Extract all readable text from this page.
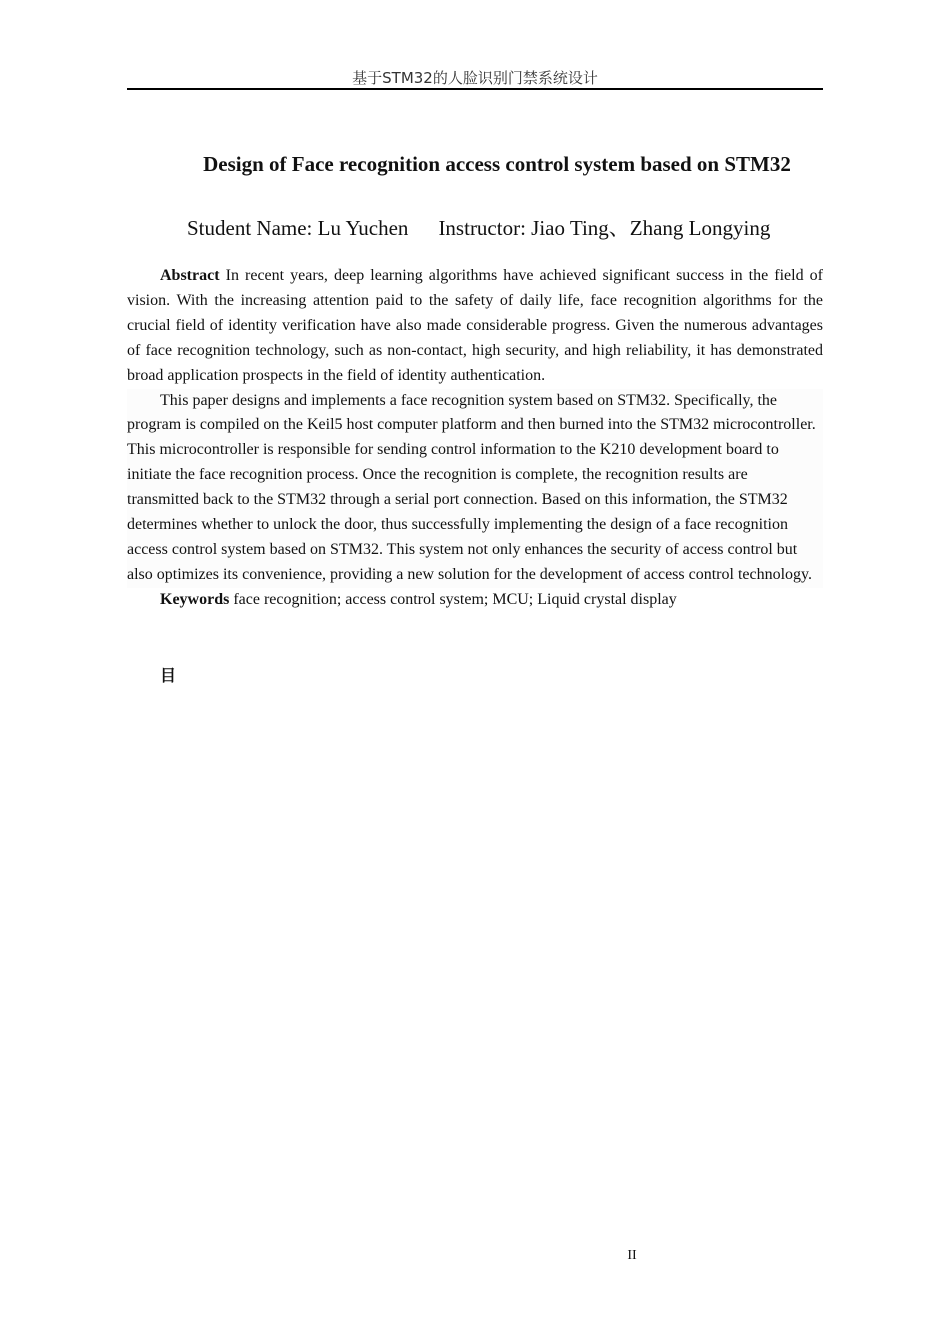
基于STM32的人脸识别门禁系统设计
Design of Face recognition access control system based on STM32
Student Name: Lu Yuchen Instructor: Jiao Ting、Zhang Longying

Abstract In recent years, deep learning algorithms have achieved significant success in the field of vision. With the increasing attention paid to the safety of daily life, face recognition algorithms for the crucial field of identity verification have also made considerable progress. Given the numerous advantages of face recognition technology, such as non-contact, high security, and high reliability, it has demonstrated broad application prospects in the field of identity authentication.

This paper designs and implements a face recognition system based on STM32. Specifically, the program is compiled on the Keil5 host computer platform and then burned into the STM32 microcontroller. This microcontroller is responsible for sending control information to the K210 development board to initiate the face recognition process. Once the recognition is complete, the recognition results are transmitted back to the STM32 through a serial port connection. Based on this information, the STM32 determines whether to unlock the door, thus successfully implementing the design of a face recognition access control system based on STM32. This system not only enhances the security of access control but also optimizes its convenience, providing a new solution for the development of access control technology.

Keywords face recognition; access control system; MCU; Liquid crystal display

目
II
